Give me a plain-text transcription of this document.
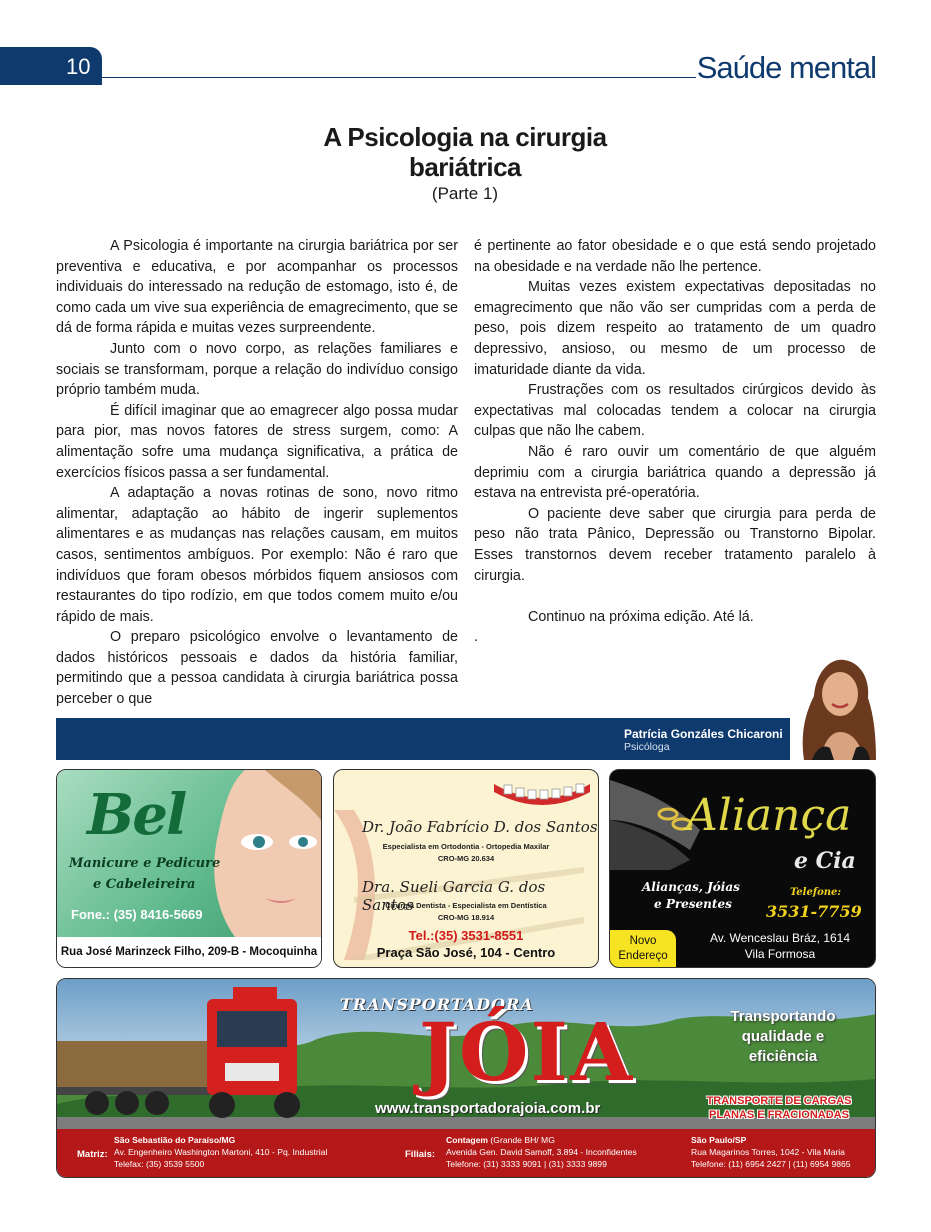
10	Saúde mental
A Psicologia na cirurgia
bariátrica
(Parte 1)

A Psicologia é importante na cirurgia bariátrica por ser preventiva e educativa, e por acompanhar os processos individuais do interessado na redução de estomago, isto é, de como cada um vive sua experiência de emagrecimento, que se dá de forma rápida e muitas vezes surpreendente.

Junto com o novo corpo, as relações familiares e sociais se transformam, porque a relação do indivíduo consigo próprio também muda.

É difícil imaginar que ao emagrecer algo possa mudar para pior, mas novos fatores de stress surgem, como: A alimentação sofre uma mudança significativa, a prática de exercícios físicos passa a ser fundamental.

A adaptação a novas rotinas de sono, novo ritmo alimentar, adaptação ao hábito de ingerir suplementos alimentares e as mudanças nas relações causam, em muitos casos, sentimentos ambíguos. Por exemplo: Não é raro que indivíduos que foram obesos mórbidos fiquem ansiosos com restaurantes do tipo rodízio, em que todos comem muito e/ou rápido de mais.

O preparo psicológico envolve o levantamento de dados históricos pessoais e dados da história familiar, permitindo que a pessoa candidata à cirurgia bariátrica possa perceber o que

é pertinente ao fator obesidade e o que está sendo projetado na obesidade e na verdade não lhe pertence.

Muitas vezes existem expectativas depositadas no emagrecimento que não vão ser cumpridas com a perda de peso, pois dizem respeito ao tratamento de um quadro depressivo, ansioso, ou mesmo de um processo de imaturidade diante da vida.

Frustrações com os resultados cirúrgicos devido às expectativas mal colocadas tendem a colocar na cirurgia culpas que não lhe cabem.

Não é raro ouvir um comentário de que alguém deprimiu com a cirurgia bariátrica quando a depressão já estava na entrevista pré-operatória.

O paciente deve saber que cirurgia para perda de peso não trata Pânico, Depressão ou Transtorno Bipolar. Esses transtornos devem receber tratamento paralelo à cirurgia.

Continuo na próxima edição. Até lá.

.

Patrícia Gonzáles Chicaroni
Psicóloga
Bel
Manicure e Pedicure
e Cabeleireira
Fone.: (35) 8416-5669
Rua José Marinzeck Filho, 209-B - Mocoquinha
Dr. João Fabrício D. dos Santos
Especialista em Ortodontia - Ortopedia Maxilar
CRO-MG 20.634
Dra. Sueli Garcia G. dos Santos
Cirurgiã Dentista - Especialista em Dentística
CRO-MG 18.914
Tel.:(35) 3531-8551
Praça São José, 104 - Centro
Aliança
e Cia
Alianças, Jóias
e Presentes
Telefone:
3531-7759
Novo
Endereço
Av. Wenceslau Bráz, 1614
Vila Formosa
TRANSPORTADORA
JÓIA	Transportando
qualidade e
eficiência
www.transportadorajoia.com.br	TRANSPORTE DE CARGAS
PLANAS E FRACIONADAS
Matriz:
São Sebastião do Paraíso/MG
Av. Engenheiro Washington Martoni, 410 - Pq. Industrial
Telefax: (35) 3539 5500
Filiais:
Contagem (Grande BH/ MG
Avenida Gen. David Samoff, 3.894 - Inconfidentes
Telefone: (31) 3333 9091 | (31) 3333 9899
São Paulo/SP
Rua Magarinos Torres, 1042 - Vila Maria
Telefone: (11) 6954 2427 | (11) 6954 9865
